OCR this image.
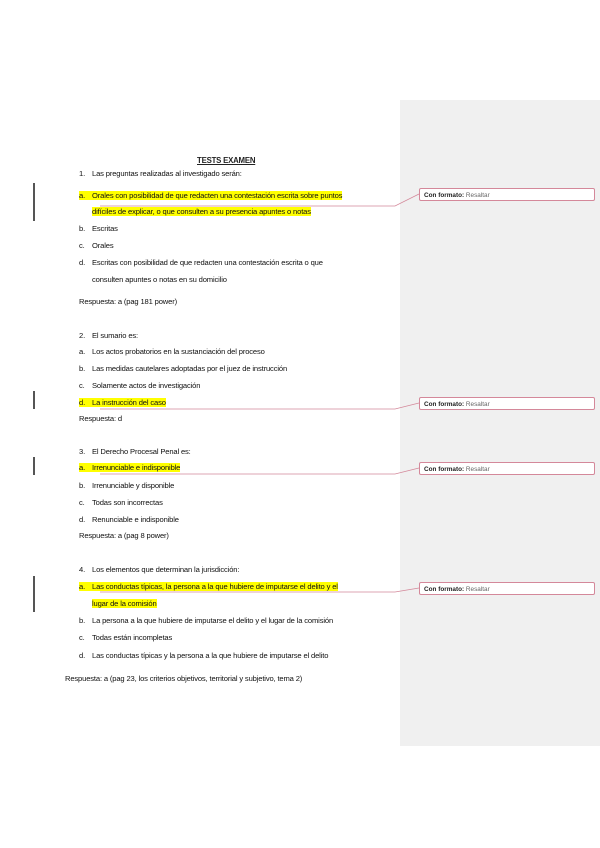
TESTS EXAMEN
1. Las preguntas realizadas al investigado serán:
a. Orales con posibilidad de que redacten una contestación escrita sobre puntos
difíciles de explicar, o que consulten a su presencia apuntes o notas
b. Escritas
c. Orales
d. Escritas con posibilidad de que redacten una contestación escrita o que
consulten apuntes o notas en su domicilio
Respuesta: a (pag 181 power)
2. El sumario es:
a. Los actos probatorios en la sustanciación del proceso
b. Las medidas cautelares adoptadas por el juez de instrucción
c. Solamente actos de investigación
d. La instrucción del caso
Respuesta: d
3. El Derecho Procesal Penal es:
a. Irrenunciable e indisponible
b. Irrenunciable y disponible
c. Todas son incorrectas
d. Renunciable e indisponible
Respuesta: a (pag 8 power)
4. Los elementos que determinan la jurisdicción:
a. Las conductas típicas, la persona a la que hubiere de imputarse el delito y el
lugar de la comisión
b. La persona a la que hubiere de imputarse el delito y el lugar de la comisión
c. Todas están incompletas
d. Las conductas típicas y la persona a la que hubiere de imputarse el delito
Respuesta: a (pag 23, los criterios objetivos, territorial y subjetivo, tema 2)
Con formato: Resaltar
Con formato: Resaltar
Con formato: Resaltar
Con formato: Resaltar
